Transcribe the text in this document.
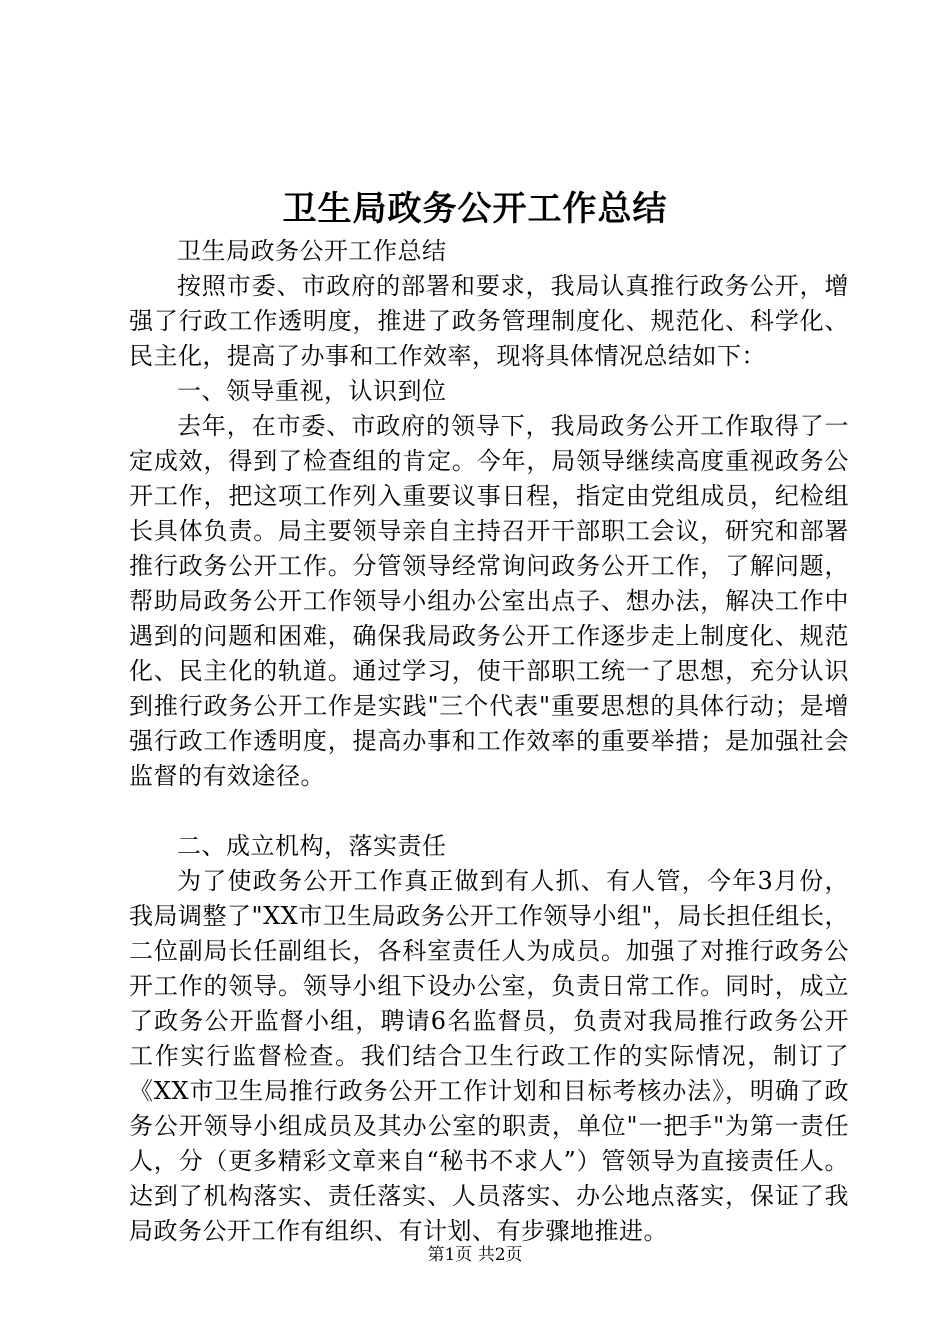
卫生局政务公开工作总结

卫生局政务公开工作总结

按照市委、市政府的部署和要求，我局认真推行政务公开，增强了行政工作透明度，推进了政务管理制度化、规范化、科学化、民主化，提高了办事和工作效率，现将具体情况总结如下：

一、领导重视，认识到位

去年，在市委、市政府的领导下，我局政务公开工作取得了一定成效，得到了检查组的肯定。今年，局领导继续高度重视政务公开工作，把这项工作列入重要议事日程，指定由党组成员，纪检组长具体负责。局主要领导亲自主持召开干部职工会议，研究和部署推行政务公开工作。分管领导经常询问政务公开工作，了解问题，帮助局政务公开工作领导小组办公室出点子、想办法，解决工作中遇到的问题和困难，确保我局政务公开工作逐步走上制度化、规范化、民主化的轨道。通过学习，使干部职工统一了思想，充分认识到推行政务公开工作是实践"三个代表"重要思想的具体行动；是增强行政工作透明度，提高办事和工作效率的重要举措；是加强社会监督的有效途径。

二、成立机构，落实责任

为了使政务公开工作真正做到有人抓、有人管，今年3月份，我局调整了"XX市卫生局政务公开工作领导小组"，局长担任组长，二位副局长任副组长，各科室责任人为成员。加强了对推行政务公开工作的领导。领导小组下设办公室，负责日常工作。同时，成立了政务公开监督小组，聘请6名监督员，负责对我局推行政务公开工作实行监督检查。我们结合卫生行政工作的实际情况，制订了《XX市卫生局推行政务公开工作计划和目标考核办法》，明确了政务公开领导小组成员及其办公室的职责，单位"一把手"为第一责任人，分（更多精彩文章来自“秘书不求人”）管领导为直接责任人。达到了机构落实、责任落实、人员落实、办公地点落实，保证了我局政务公开工作有组织、有计划、有步骤地推进。

第1页 共2页
